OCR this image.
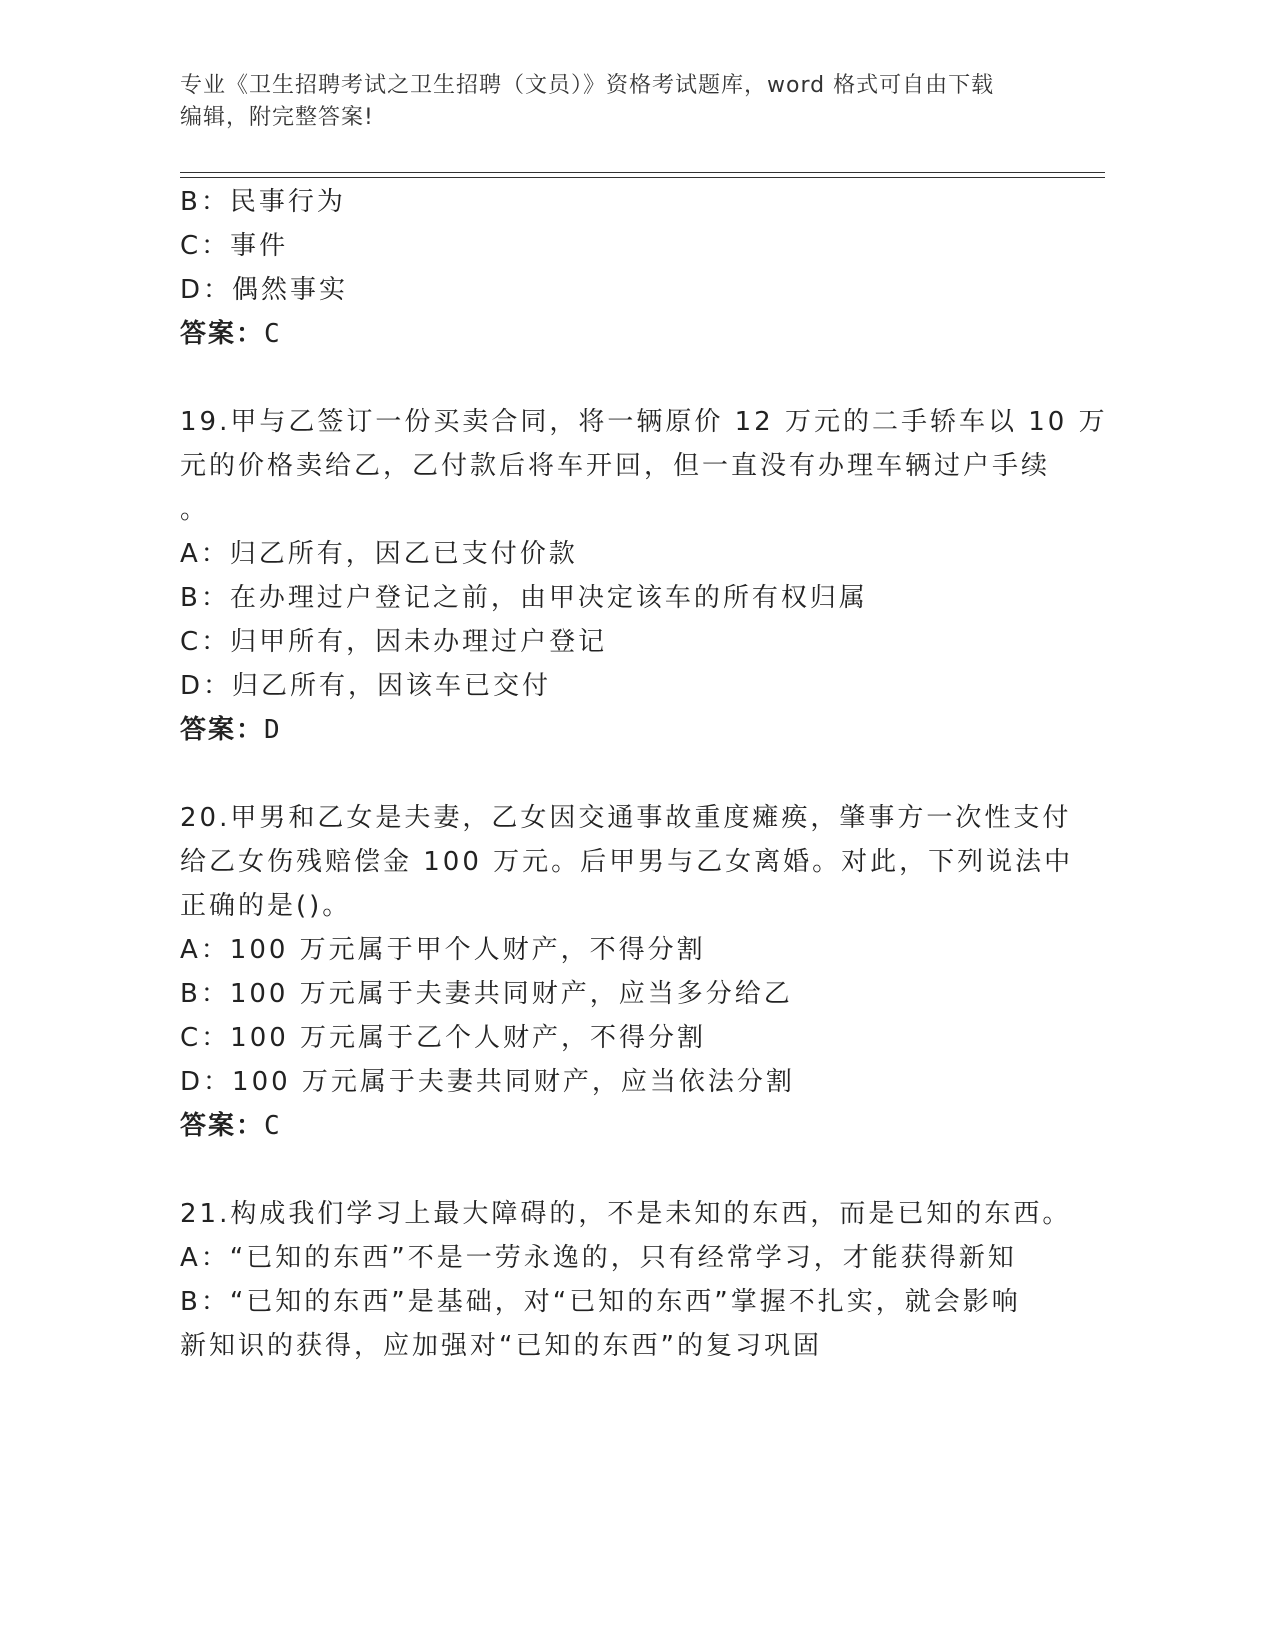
专业《卫生招聘考试之卫生招聘（文员）》资格考试题库，word 格式可自由下载
编辑，附完整答案!
B：民事行为
C：事件
D：偶然事实
答案：C
19.甲与乙签订一份买卖合同，将一辆原价 12 万元的二手轿车以 10 万
元的价格卖给乙，乙付款后将车开回，但一直没有办理车辆过户手续
。
A：归乙所有，因乙已支付价款
B：在办理过户登记之前，由甲决定该车的所有权归属
C：归甲所有，因未办理过户登记
D：归乙所有，因该车已交付
答案：D
20.甲男和乙女是夫妻，乙女因交通事故重度瘫痪，肇事方一次性支付
给乙女伤残赔偿金 100 万元。后甲男与乙女离婚。对此，下列说法中
正确的是()。
A：100 万元属于甲个人财产，不得分割
B：100 万元属于夫妻共同财产，应当多分给乙
C：100 万元属于乙个人财产，不得分割
D：100 万元属于夫妻共同财产，应当依法分割
答案：C
21.构成我们学习上最大障碍的，不是未知的东西，而是已知的东西。
A：“已知的东西”不是一劳永逸的，只有经常学习，才能获得新知
B：“已知的东西”是基础，对“已知的东西”掌握不扎实，就会影响
新知识的获得，应加强对“已知的东西”的复习巩固
